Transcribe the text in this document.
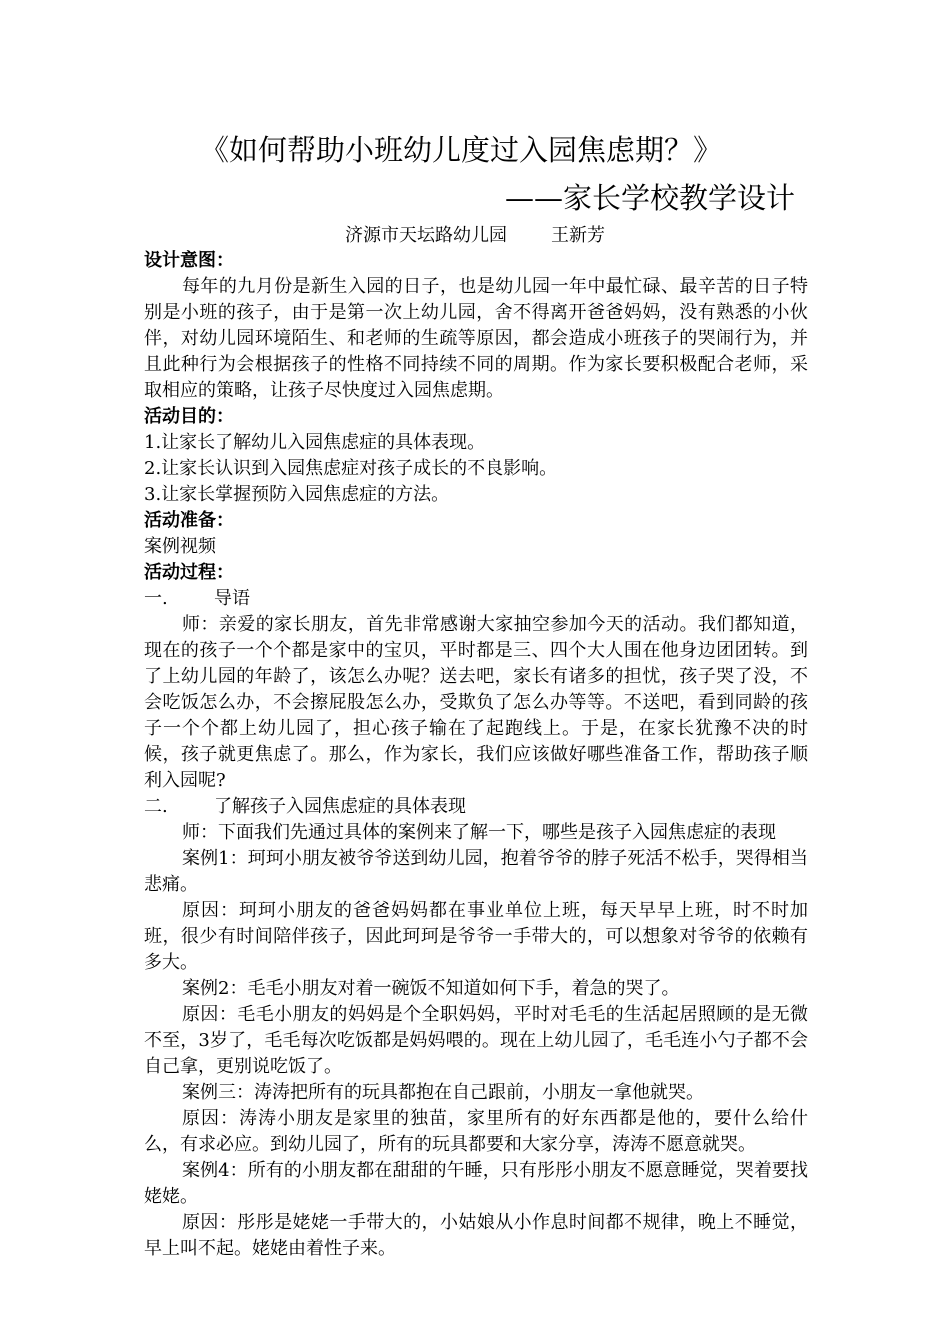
《如何帮助小班幼儿度过入园焦虑期？》
——家长学校教学设计
济源市天坛路幼儿园 王新芳

设计意图：

每年的九月份是新生入园的日子，也是幼儿园一年中最忙碌、最辛苦的日子特别是小班的孩子，由于是第一次上幼儿园，舍不得离开爸爸妈妈，没有熟悉的小伙伴，对幼儿园环境陌生、和老师的生疏等原因，都会造成小班孩子的哭闹行为，并且此种行为会根据孩子的性格不同持续不同的周期。作为家长要积极配合老师，采取相应的策略，让孩子尽快度过入园焦虑期。

活动目的：

1.让家长了解幼儿入园焦虑症的具体表现。

2.让家长认识到入园焦虑症对孩子成长的不良影响。

3.让家长掌握预防入园焦虑症的方法。

活动准备：

案例视频

活动过程：

一.	导语

师：亲爱的家长朋友，首先非常感谢大家抽空参加今天的活动。我们都知道，现在的孩子一个个都是家中的宝贝，平时都是三、四个大人围在他身边团团转。到了上幼儿园的年龄了，该怎么办呢？送去吧，家长有诸多的担忧，孩子哭了没，不会吃饭怎么办，不会擦屁股怎么办，受欺负了怎么办等等。不送吧，看到同龄的孩子一个个都上幼儿园了，担心孩子输在了起跑线上。于是，在家长犹豫不决的时候，孩子就更焦虑了。那么，作为家长，我们应该做好哪些准备工作，帮助孩子顺利入园呢?

二.	了解孩子入园焦虑症的具体表现

师：下面我们先通过具体的案例来了解一下，哪些是孩子入园焦虑症的表现

案例1：珂珂小朋友被爷爷送到幼儿园，抱着爷爷的脖子死活不松手，哭得相当悲痛。

原因：珂珂小朋友的爸爸妈妈都在事业单位上班，每天早早上班，时不时加班，很少有时间陪伴孩子，因此珂珂是爷爷一手带大的，可以想象对爷爷的依赖有多大。

案例2：毛毛小朋友对着一碗饭不知道如何下手，着急的哭了。

原因：毛毛小朋友的妈妈是个全职妈妈，平时对毛毛的生活起居照顾的是无微不至，3岁了，毛毛每次吃饭都是妈妈喂的。现在上幼儿园了，毛毛连小勺子都不会自己拿，更别说吃饭了。

案例三：涛涛把所有的玩具都抱在自己跟前，小朋友一拿他就哭。

原因：涛涛小朋友是家里的独苗，家里所有的好东西都是他的，要什么给什么，有求必应。到幼儿园了，所有的玩具都要和大家分享，涛涛不愿意就哭。

案例4：所有的小朋友都在甜甜的午睡，只有彤彤小朋友不愿意睡觉，哭着要找姥姥。

原因：彤彤是姥姥一手带大的，小姑娘从小作息时间都不规律，晚上不睡觉，早上叫不起。姥姥由着性子来。
